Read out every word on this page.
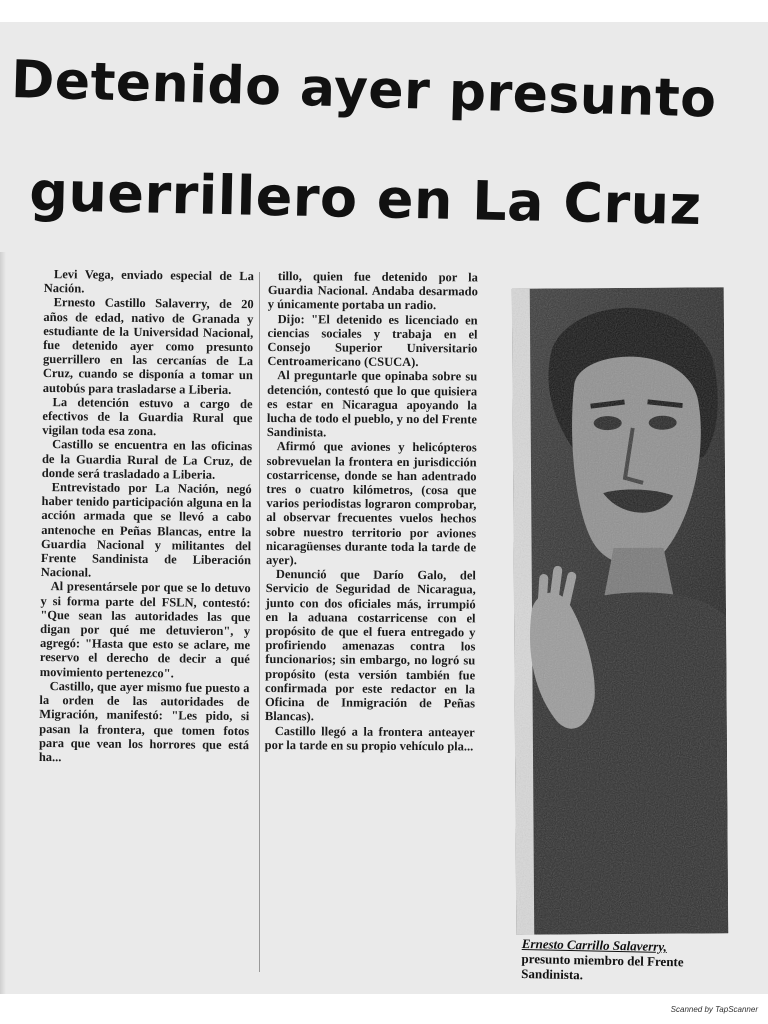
Detenido ayer presunto
guerrillero en La Cruz

Levi Vega, enviado especial de La Nación.

Ernesto Castillo Salaverry, de 20 años de edad, nativo de Granada y estudiante de la Universidad Nacional, fue detenido ayer como presunto guerrillero en las cercanías de La Cruz, cuando se disponía a tomar un autobús para trasladarse a Liberia.

La detención estuvo a cargo de efectivos de la Guardia Rural que vigilan toda esa zona.

Castillo se encuentra en las oficinas de la Guardia Rural de La Cruz, de donde será trasladado a Liberia.

Entrevistado por La Nación, negó haber tenido participación alguna en la acción armada que se llevó a cabo antenoche en Peñas Blancas, entre la Guardia Nacional y militantes del Frente Sandinista de Liberación Nacional.

Al presentársele por que se lo detuvo y si forma parte del FSLN, contestó: "Que sean las autoridades las que digan por qué me detuvieron", y agregó: "Hasta que esto se aclare, me reservo el derecho de decir a qué movimiento pertenezco".

Castillo, que ayer mismo fue puesto a la orden de las autoridades de Migración, manifestó: "Les pido, si pasan la frontera, que tomen fotos para que vean los horrores que está ha...

tillo, quien fue detenido por la Guardia Nacional. Andaba desarmado y únicamente portaba un radio.

Dijo: "El detenido es licenciado en ciencias sociales y trabaja en el Consejo Superior Universitario Centroamericano (CSUCA).

Al preguntarle que opinaba sobre su detención, contestó que lo que quisiera es estar en Nicaragua apoyando la lucha de todo el pueblo, y no del Frente Sandinista.

Afirmó que aviones y helicópteros sobrevuelan la frontera en jurisdicción costarricense, donde se han adentrado tres o cuatro kilómetros, (cosa que varios periodistas lograron comprobar, al observar frecuentes vuelos hechos sobre nuestro territorio por aviones nicaragüenses durante toda la tarde de ayer).

Denunció que Darío Galo, del Servicio de Seguridad de Nicaragua, junto con dos oficiales más, irrumpió en la aduana costarricense con el propósito de que el fuera entregado y profiriendo amenazas contra los funcionarios; sin embargo, no logró su propósito (esta versión también fue confirmada por este redactor en la Oficina de Inmigración de Peñas Blancas).

Castillo llegó a la frontera anteayer por la tarde en su propio vehículo pla...

Ernesto Carrillo Salaverry,
presunto miembro del Frente Sandinista.
Scanned by TapScanner
